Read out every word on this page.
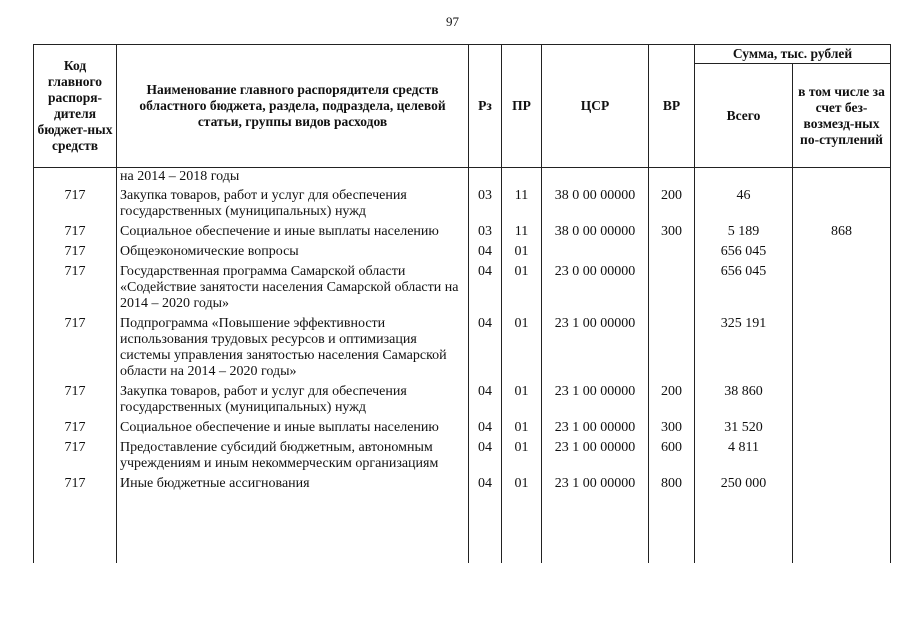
97
Код главного распоря-дителя бюджет-ных средств	Наименование главного распорядителя средств областного бюджета, раздела, подраздела, целевой статьи, группы видов расходов	Рз	ПР	ЦСР	ВР	Сумма, тыс. рублей	
						Всего	в том числе за счет без-возмезд-ных по-ступлений
	на 2014 – 2018 годы						
717	Закупка товаров, работ и услуг для обеспечения государственных (муниципальных) нужд	03	11	38 0 00 00000	200	46	
717	Социальное обеспечение и иные выплаты населению	03	11	38 0 00 00000	300	5 189	868
717	Общеэкономические вопросы	04	01			656 045	
717	Государственная программа Самарской области «Содействие занятости населения Самарской области на 2014 – 2020 годы»	04	01	23 0 00 00000		656 045	
717	Подпрограмма «Повышение эффективности использования трудовых ресурсов и оптимизация системы управления занятостью населения Самарской области на 2014 – 2020 годы»	04	01	23 1 00 00000		325 191	
717	Закупка товаров, работ и услуг для обеспечения государственных (муниципальных) нужд	04	01	23 1 00 00000	200	38 860	
717	Социальное обеспечение и иные выплаты населению	04	01	23 1 00 00000	300	31 520	
717	Предоставление субсидий бюджетным, автономным учреждениям и иным некоммерческим организациям	04	01	23 1 00 00000	600	4 811	
717	Иные бюджетные ассигнования	04	01	23 1 00 00000	800	250 000	
